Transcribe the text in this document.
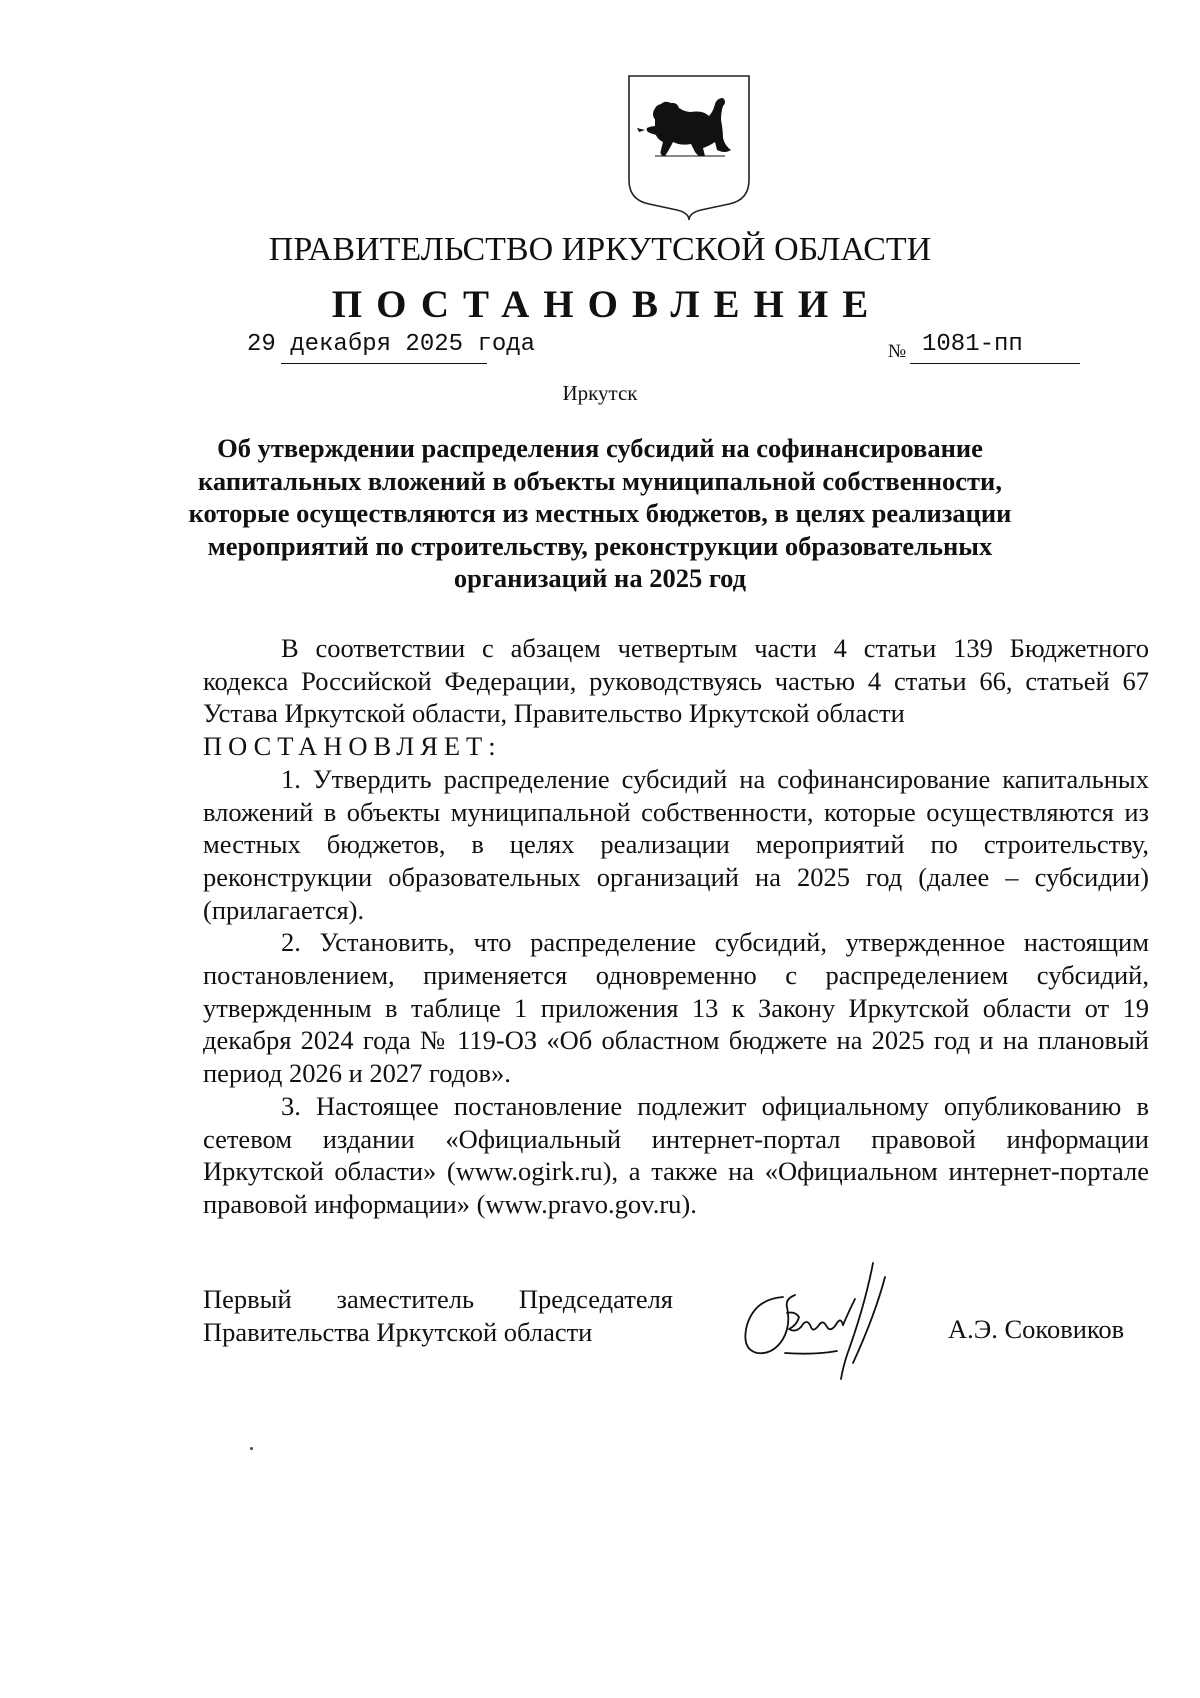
ПРАВИТЕЛЬСТВО ИРКУТСКОЙ ОБЛАСТИ
ПОСТАНОВЛЕНИЕ
29 декабря 2025 года	№ 1081-пп
Иркутск
Об утверждении распределения субсидий на софинансирование капитальных вложений в объекты муниципальной собственности, которые осуществляются из местных бюджетов, в целях реализации мероприятий по строительству, реконструкции образовательных организаций на 2025 год

В соответствии с абзацем четвертым части 4 статьи 139 Бюджетного кодекса Российской Федерации, руководствуясь частью 4 статьи 66, статьей 67 Устава Иркутской области, Правительство Иркутской области

ПОСТАНОВЛЯЕТ:

1. Утвердить распределение субсидий на софинансирование капитальных вложений в объекты муниципальной собственности, которые осуществляются из местных бюджетов, в целях реализации мероприятий по строительству, реконструкции образовательных организаций на 2025 год (далее – субсидии) (прилагается).

2. Установить, что распределение субсидий, утвержденное настоящим постановлением, применяется одновременно с распределением субсидий, утвержденным в таблице 1 приложения 13 к Закону Иркутской области от 19 декабря 2024 года № 119-ОЗ «Об областном бюджете на 2025 год и на плановый период 2026 и 2027 годов».

3. Настоящее постановление подлежит официальному опубликованию в сетевом издании «Официальный интернет-портал правовой информации Иркутской области» (www.ogirk.ru), а также на «Официальном интернет-портале правовой информации» (www.pravo.gov.ru).

Первый заместитель Председателя
Правительства Иркутской области	А.Э. Соковиков
